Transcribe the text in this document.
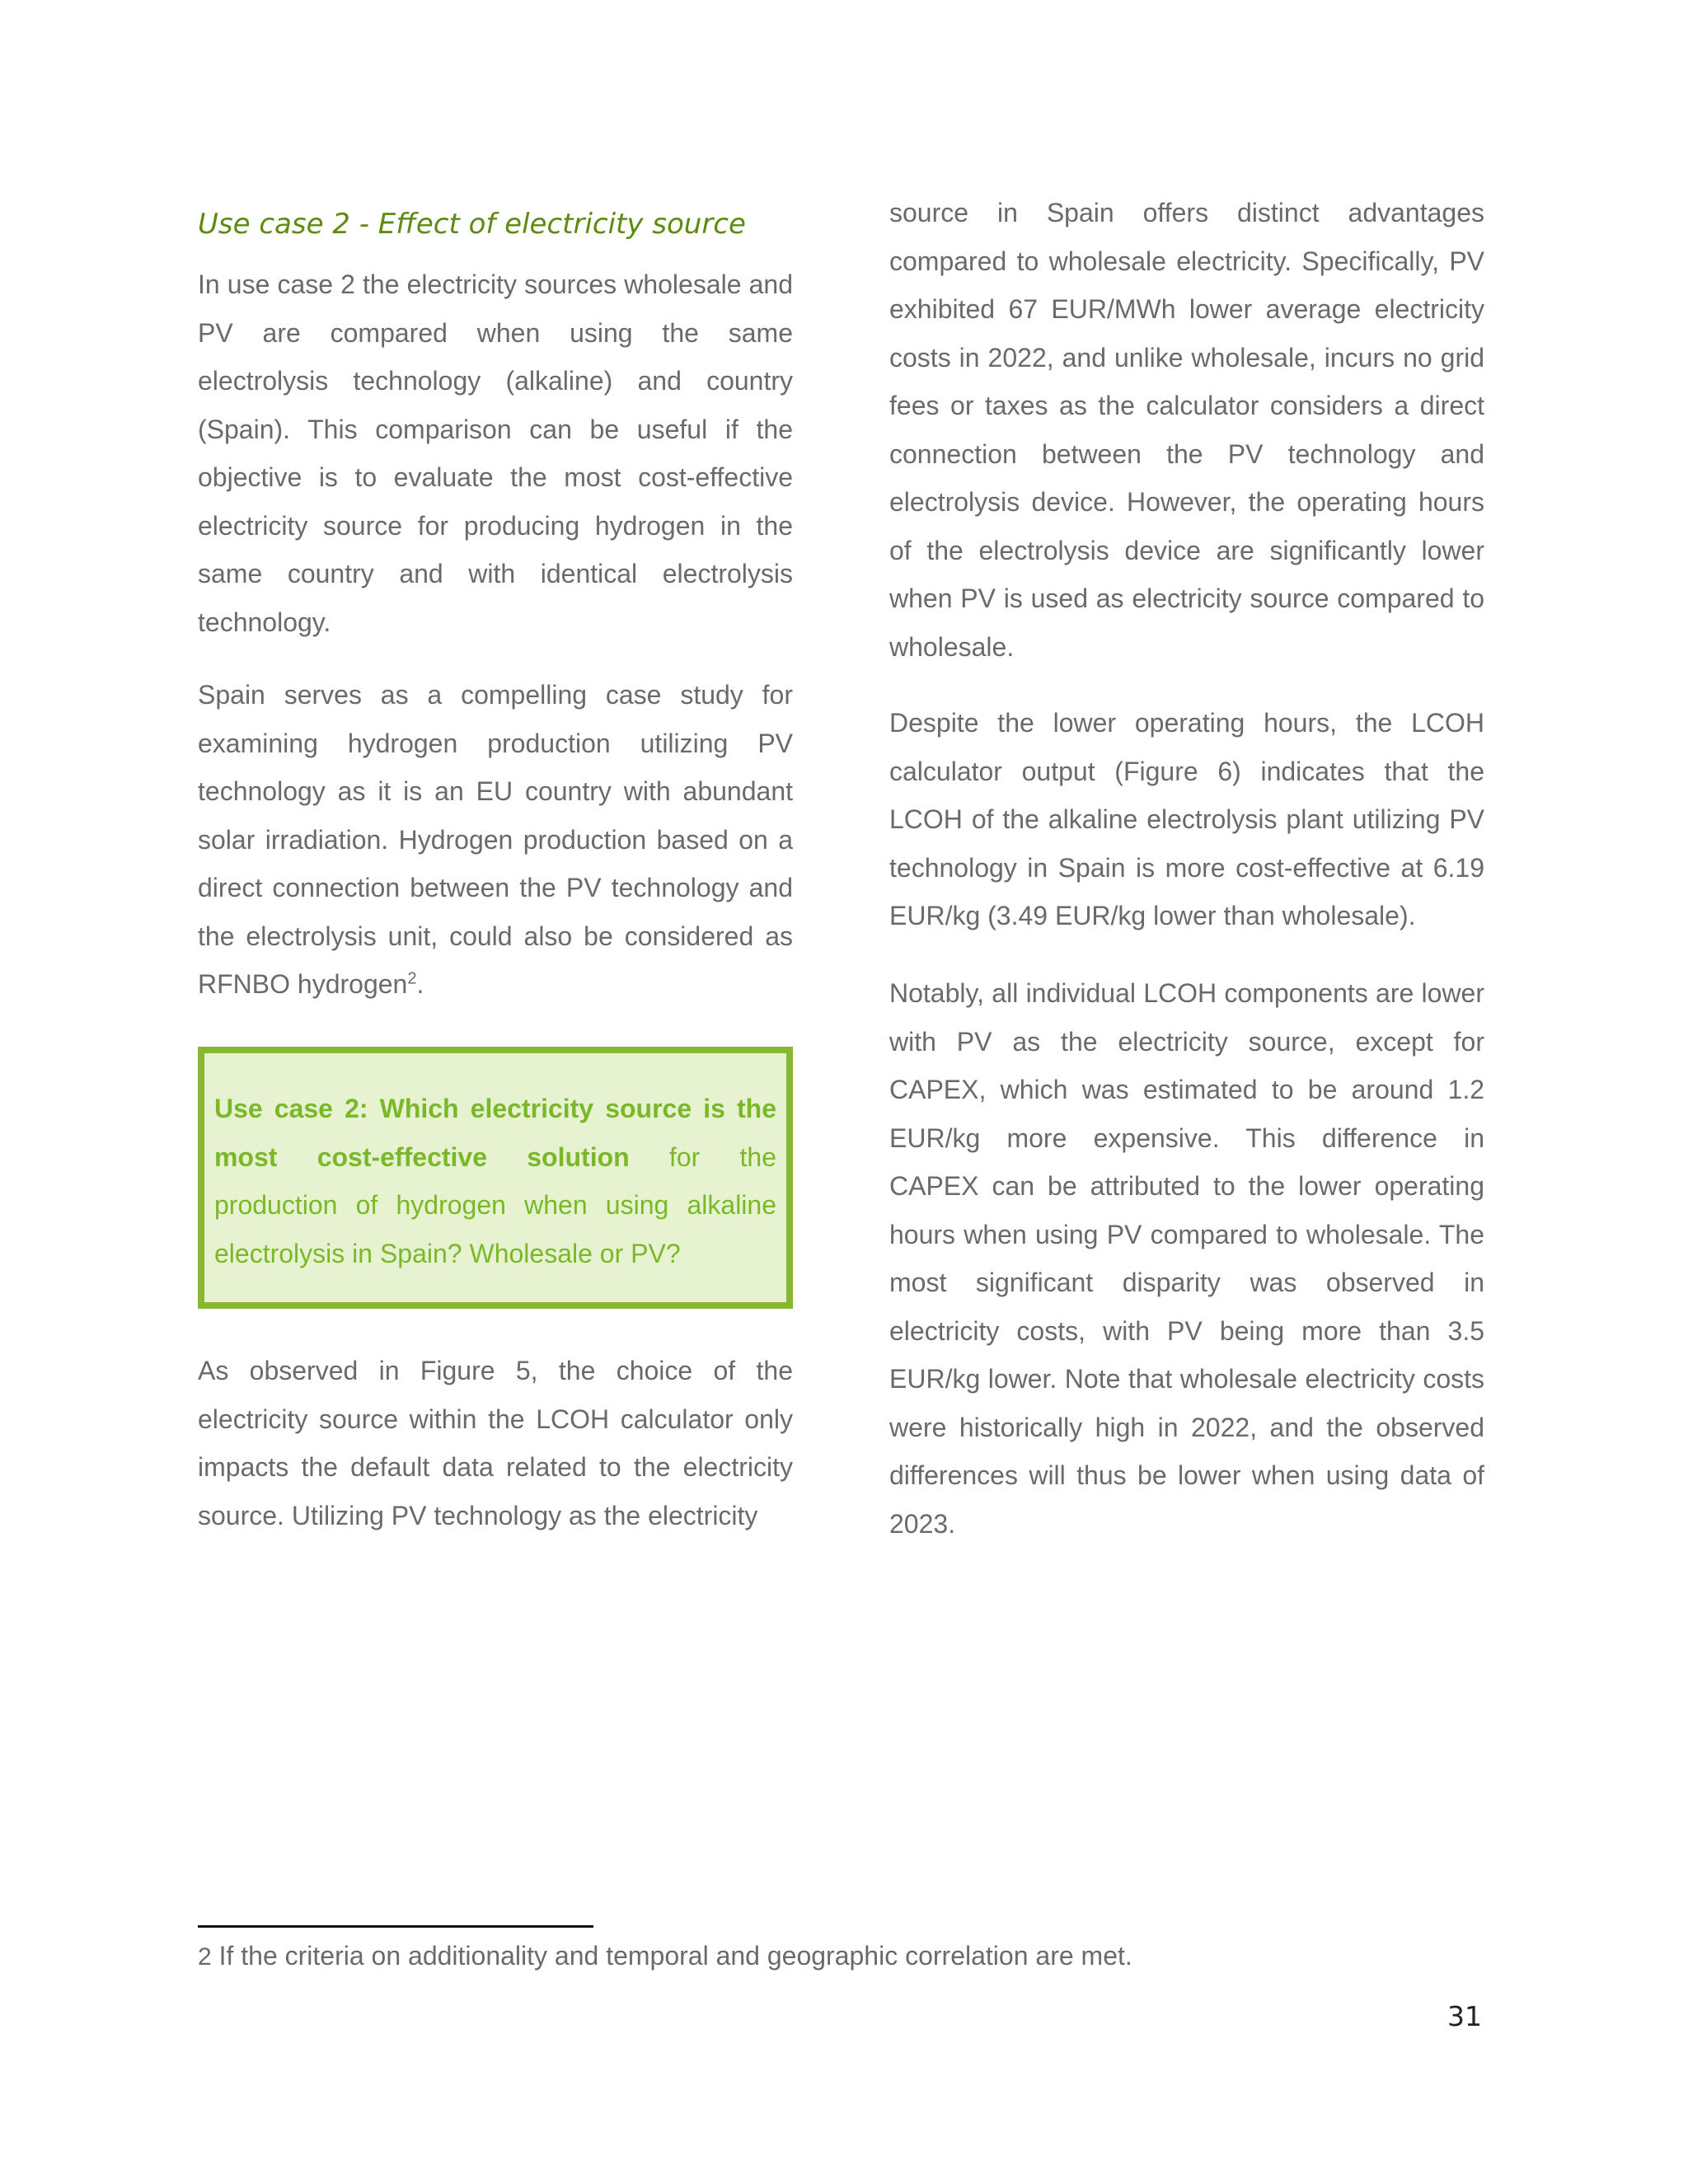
Use case 2 - Effect of electricity source

In use case 2 the electricity sources wholesale and PV are compared when using the same electrolysis technology (alkaline) and country (Spain). This comparison can be useful if the objective is to evaluate the most cost-effective electricity source for producing hydrogen in the same country and with identical electrolysis technology.

Spain serves as a compelling case study for examining hydrogen production utilizing PV technology as it is an EU country with abundant solar irradiation. Hydrogen production based on a direct connection between the PV technology and the electrolysis unit, could also be considered as RFNBO hydrogen$^2$.

Use case 2: Which electricity source is the most cost-effective solution for the production of hydrogen when using alkaline electrolysis in Spain? Wholesale or PV?

As observed in Figure 5, the choice of the electricity source within the LCOH calculator only impacts the default data related to the electricity source. Utilizing PV technology as the electricity

source in Spain offers distinct advantages compared to wholesale electricity. Specifically, PV exhibited 67 EUR/MWh lower average electricity costs in 2022, and unlike wholesale, incurs no grid fees or taxes as the calculator considers a direct connection between the PV technology and electrolysis device. However, the operating hours of the electrolysis device are significantly lower when PV is used as electricity source compared to wholesale.

Despite the lower operating hours, the LCOH calculator output (Figure 6) indicates that the LCOH of the alkaline electrolysis plant utilizing PV technology in Spain is more cost-effective at 6.19 EUR/kg (3.49 EUR/kg lower than wholesale).

Notably, all individual LCOH components are lower with PV as the electricity source, except for CAPEX, which was estimated to be around 1.2 EUR/kg more expensive. This difference in CAPEX can be attributed to the lower operating hours when using PV compared to wholesale. The most significant disparity was observed in electricity costs, with PV being more than 3.5 EUR/kg lower. Note that wholesale electricity costs were historically high in 2022, and the observed differences will thus be lower when using data of 2023.

2 If the criteria on additionality and temporal and geographic correlation are met.

31
